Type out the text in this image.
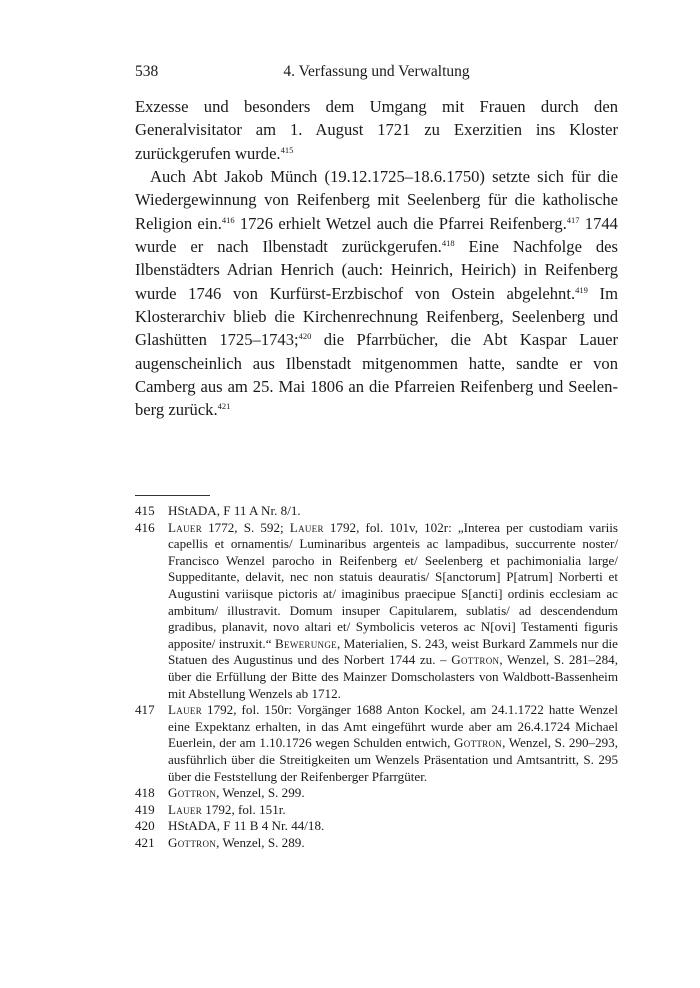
538	4. Verfassung und Verwaltung

Exzesse und besonders dem Umgang mit Frauen durch den Generalvisitator am 1. August 1721 zu Exerzitien ins Kloster zurückgerufen wurde.$^{415}$

Auch Abt Jakob Münch (19.12.1725–18.6.1750) setzte sich für die Wiedergewinnung von Reifenberg mit Seelenberg für die katholische Religion ein.$^{416}$ 1726 erhielt Wetzel auch die Pfarrei Reifenberg.$^{417}$ 1744 wurde er nach Ilbenstadt zurückgerufen.$^{418}$ Eine Nachfolge des Ilbenstädters Adrian Henrich (auch: Heinrich, Heirich) in Reifenberg wurde 1746 von Kurfürst-Erzbischof von Ostein abgelehnt.$^{419}$ Im Klosterarchiv blieb die Kirchenrechnung Reifenberg, Seelenberg und Glashütten 1725–1743;$^{420}$ die Pfarrbücher, die Abt Kaspar Lauer augenscheinlich aus Ilbenstadt mitgenommen hatte, sandte er von Camberg aus am 25. Mai 1806 an die Pfarreien Reifenberg und Seelenberg zurück.$^{421}$

415	HStADA, F 11 A Nr. 8/1.
416	Lauer 1772, S. 592; Lauer 1792, fol. 101v, 102r: „Interea per custodiam variis capellis et ornamentis/ Luminaribus argenteis ac lampadibus, succurrente noster/ Francisco Wenzel parocho in Reifenberg et/ Seelenberg et pachimonialia large/ Suppeditante, delavit, nec non statuis deauratis/ S[anctorum] P[atrum] Norberti et Augustini variisque pictoris at/ imaginibus praecipue S[ancti] ordinis ecclesiam ac ambitum/ illustravit. Domum insuper Capitularem, sublatis/ ad descendendum gradibus, planavit, novo altari et/ Symbolicis veteros ac N[ovi] Testamenti figuris apposite/ instruxit.“ Bewerunge, Materialien, S. 243, weist Burkard Zammels nur die Statuen des Augustinus und des Norbert 1744 zu. – Gottron, Wenzel, S. 281–284, über die Erfüllung der Bitte des Mainzer Domscholasters von Waldbott-Bassenheim mit Abstellung Wenzels ab 1712.
417	Lauer 1792, fol. 150r: Vorgänger 1688 Anton Kockel, am 24.1.1722 hatte Wenzel eine Expektanz erhalten, in das Amt eingeführt wurde aber am 26.4.1724 Michael Euerlein, der am 1.10.1726 wegen Schulden entwich, Gottron, Wenzel, S. 290–293, ausführlich über die Streitigkeiten um Wenzels Präsentation und Amtsantritt, S. 295 über die Feststellung der Reifenberger Pfarrgüter.
418	Gottron, Wenzel, S. 299.
419	Lauer 1792, fol. 151r.
420	HStADA, F 11 B 4 Nr. 44/18.
421	Gottron, Wenzel, S. 289.
